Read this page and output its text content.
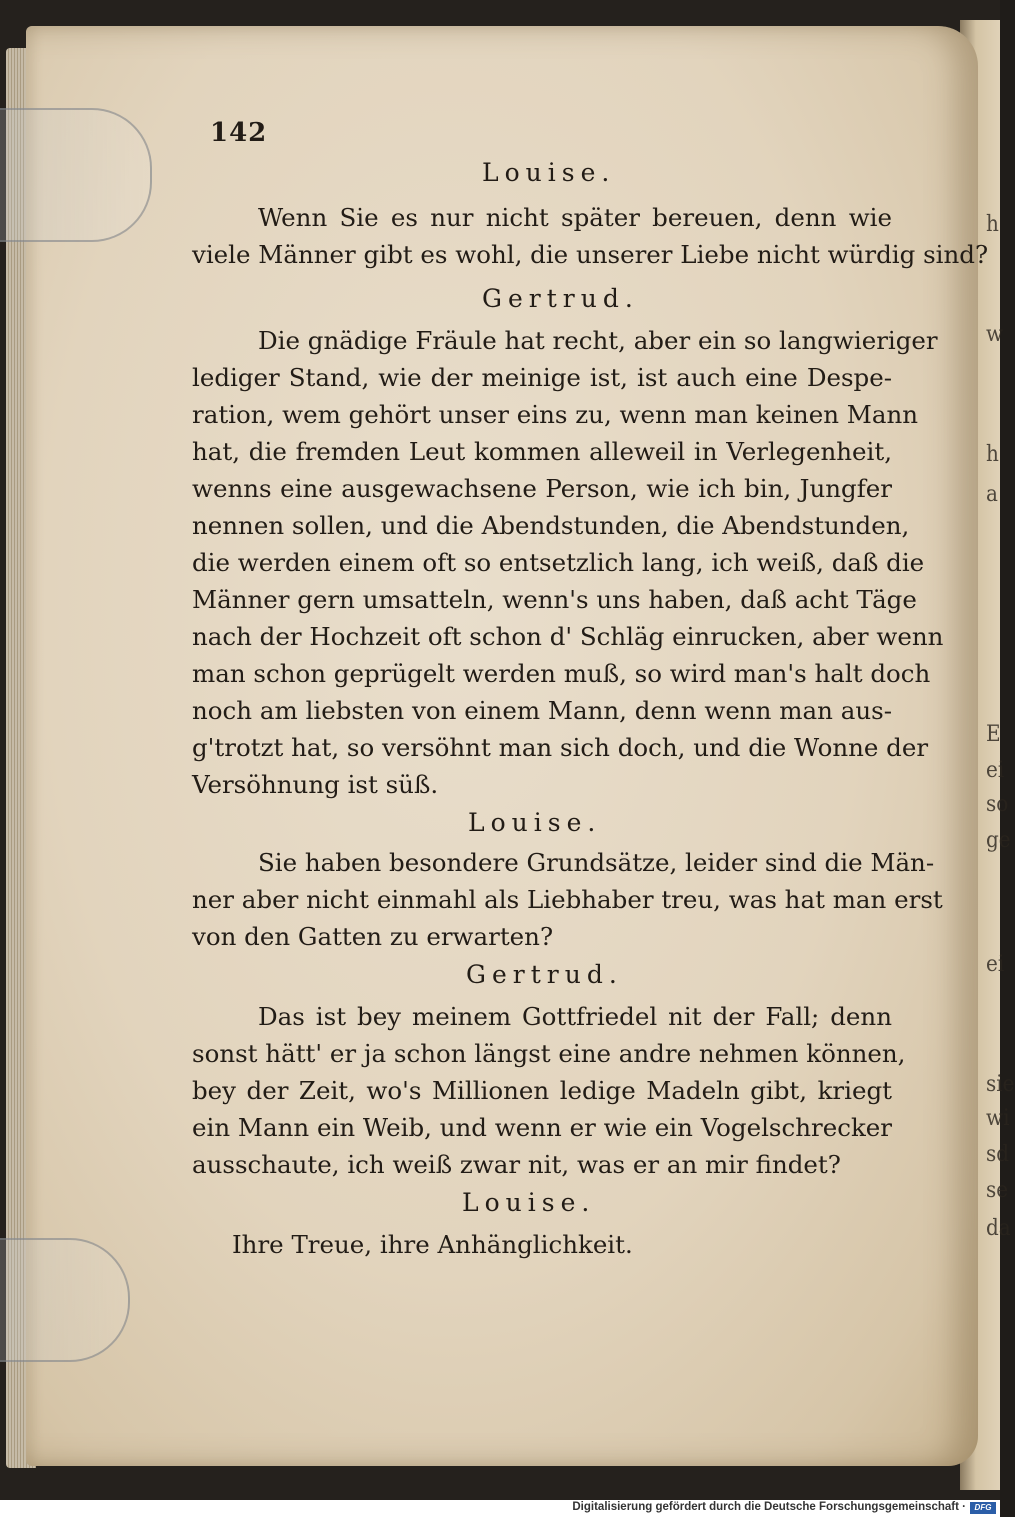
h
w
h
a
E
ei
so
ge
ei
sie
wi
sd
se
da
142
Louise.
Wenn Sie es nur nicht später bereuen, denn wie
viele Männer gibt es wohl, die unserer Liebe nicht würdig sind?
Gertrud.
Die gnädige Fräule hat recht, aber ein so langwieriger
lediger Stand, wie der meinige ist, ist auch eine Despe-
ration, wem gehört unser eins zu, wenn man keinen Mann
hat, die fremden Leut kommen alleweil in Verlegenheit,
wenns eine ausgewachsene Person, wie ich bin, Jungfer
nennen sollen, und die Abendstunden, die Abendstunden,
die werden einem oft so entsetzlich lang, ich weiß, daß die
Männer gern umsatteln, wenn's uns haben, daß acht Täge
nach der Hochzeit oft schon d' Schläg einrucken, aber wenn
man schon geprügelt werden muß, so wird man's halt doch
noch am liebsten von einem Mann, denn wenn man aus-
g'trotzt hat, so versöhnt man sich doch, und die Wonne der
Versöhnung ist süß.
Louise.
Sie haben besondere Grundsätze, leider sind die Män-
ner aber nicht einmahl als Liebhaber treu, was hat man erst
von den Gatten zu erwarten?
Gertrud.
Das ist bey meinem Gottfriedel nit der Fall; denn
sonst hätt' er ja schon längst eine andre nehmen können,
bey der Zeit, wo's Millionen ledige Madeln gibt, kriegt
ein Mann ein Weib, und wenn er wie ein Vogelschrecker
ausschaute, ich weiß zwar nit, was er an mir findet?
Louise.
Ihre Treue, ihre Anhänglichkeit.
Digitalisierung gefördert durch die Deutsche Forschungsgemeinschaft ·	DFG
